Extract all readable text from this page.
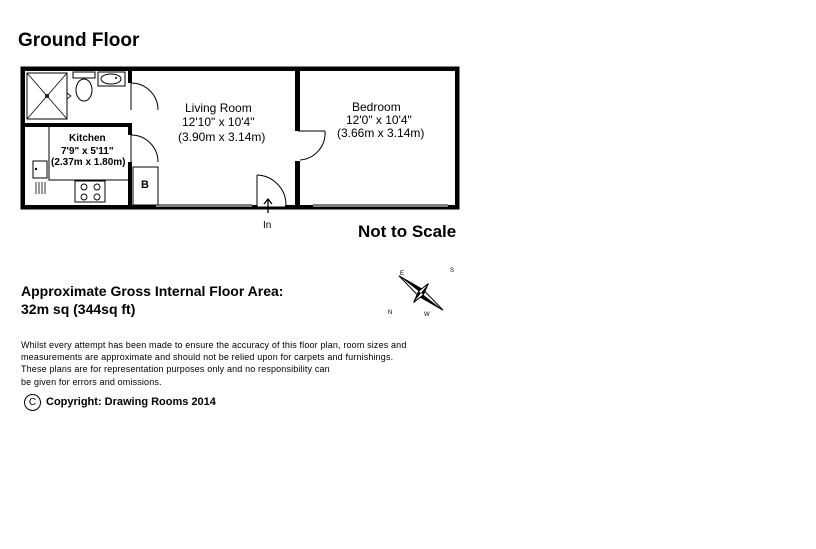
Ground Floor
Living Room
12'10" x 10'4"
(3.90m x 3.14m)
Bedroom
12'0" x 10'4"
(3.66m x 3.14m)
Kitchen
7'9" x 5'11"
(2.37m x 1.80m)
B
In
E	S
N	W
Not to Scale
Approximate Gross Internal Floor Area:
32m sq (344sq ft)
Whilst every attempt has been made to ensure the accuracy of this floor plan, room sizes and
measurements are approximate and should not be relied upon for carpets and furnishings.
These plans are for representation purposes only and no responsibility can
be given for errors and omissions.
C Copyright: Drawing Rooms 2014
